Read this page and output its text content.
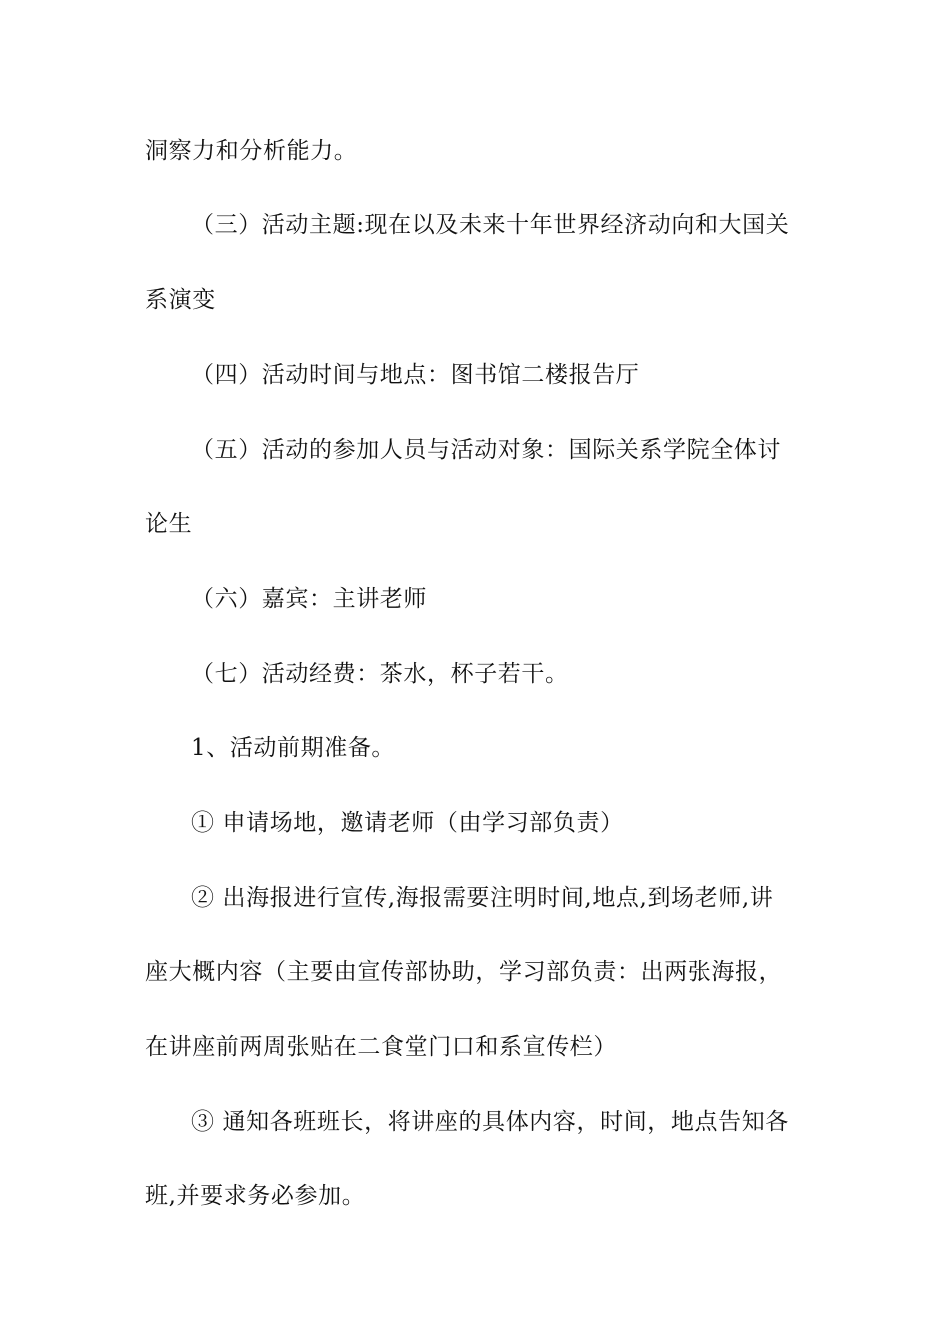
洞察力和分析能力。
（三）活动主题:现在以及未来十年世界经济动向和大国关
系演变
（四）活动时间与地点：图书馆二楼报告厅
（五）活动的参加人员与活动对象：国际关系学院全体讨
论生
（六）嘉宾：主讲老师
（七）活动经费：茶水，杯子若干。
1、活动前期准备。
① 申请场地，邀请老师（由学习部负责）
② 出海报进行宣传,海报需要注明时间,地点,到场老师,讲
座大概内容（主要由宣传部协助，学习部负责：出两张海报，
在讲座前两周张贴在二食堂门口和系宣传栏）
③ 通知各班班长，将讲座的具体内容，时间，地点告知各
班,并要求务必参加。
